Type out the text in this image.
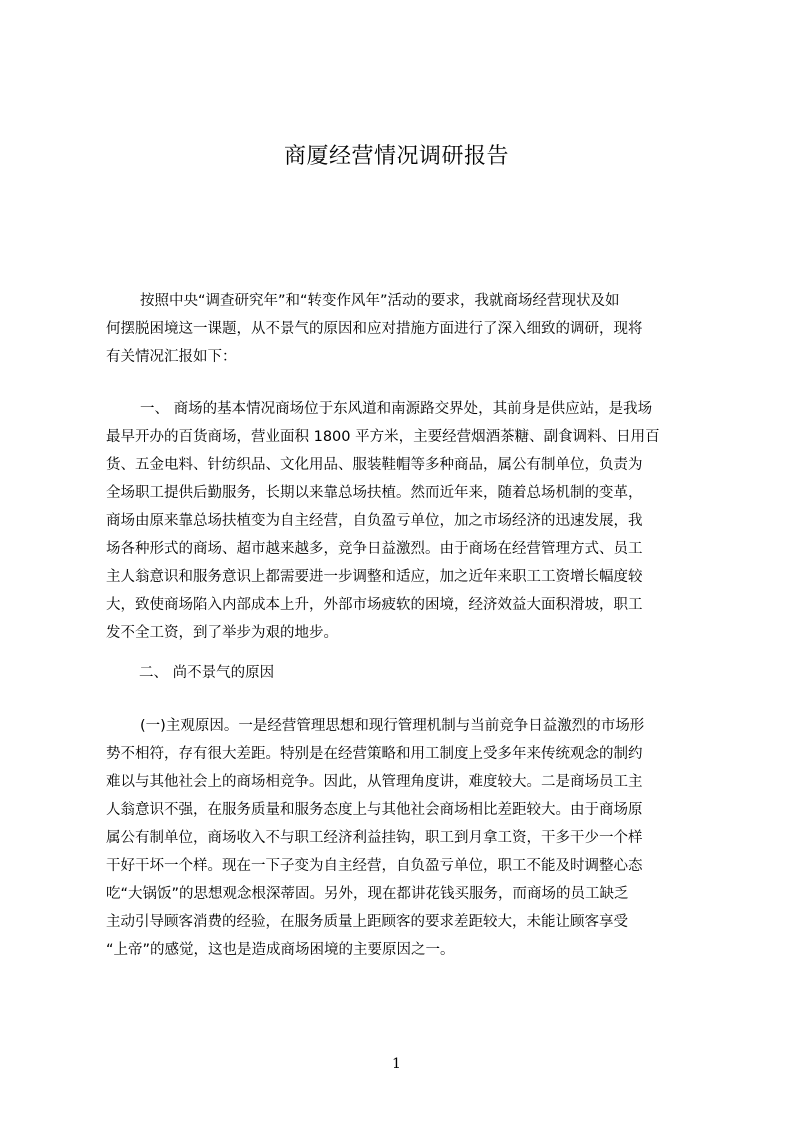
商厦经营情况调研报告
按照中央“调查研究年”和“转变作风年”活动的要求，我就商场经营现状及如
何摆脱困境这一课题，从不景气的原因和应对措施方面进行了深入细致的调研，现将
有关情况汇报如下：
一、 商场的基本情况商场位于东风道和南源路交界处，其前身是供应站，是我场
最早开办的百货商场，营业面积 1800 平方米，主要经营烟酒茶糖、副食调料、日用百
货、五金电料、针纺织品、文化用品、服装鞋帽等多种商品，属公有制单位，负责为
全场职工提供后勤服务，长期以来靠总场扶植。然而近年来，随着总场机制的变革，
商场由原来靠总场扶植变为自主经营，自负盈亏单位，加之市场经济的迅速发展，我
场各种形式的商场、超市越来越多，竞争日益激烈。由于商场在经营管理方式、员工
主人翁意识和服务意识上都需要进一步调整和适应，加之近年来职工工资增长幅度较
大，致使商场陷入内部成本上升，外部市场疲软的困境，经济效益大面积滑坡，职工
发不全工资，到了举步为艰的地步。
二、 尚不景气的原因
(一)主观原因。一是经营管理思想和现行管理机制与当前竞争日益激烈的市场形
势不相符，存有很大差距。特别是在经营策略和用工制度上受多年来传统观念的制约
难以与其他社会上的商场相竞争。因此，从管理角度讲，难度较大。二是商场员工主
人翁意识不强，在服务质量和服务态度上与其他社会商场相比差距较大。由于商场原
属公有制单位，商场收入不与职工经济利益挂钩，职工到月拿工资，干多干少一个样
干好干坏一个样。现在一下子变为自主经营，自负盈亏单位，职工不能及时调整心态
吃“大锅饭”的思想观念根深蒂固。另外，现在都讲花钱买服务，而商场的员工缺乏
主动引导顾客消费的经验，在服务质量上距顾客的要求差距较大，未能让顾客享受
“上帝”的感觉，这也是造成商场困境的主要原因之一。
1
